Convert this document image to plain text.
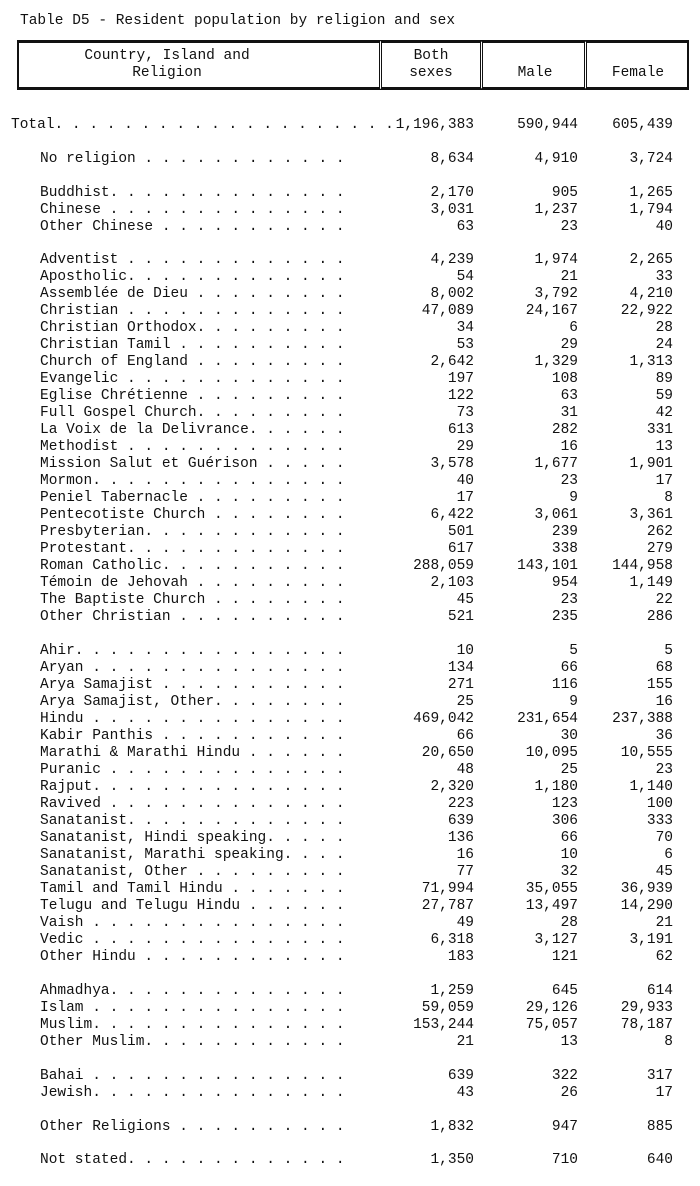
Table D5 - Resident population by religion and sex
Country, Island and
Religion
Both
sexes	Male	Female
Total. . . . . . . . . . . . . . . . . . . . 1,196,383	590,944 605,439
No religion . . . . . . . . . . . .	8,634	4,910	3,724
Buddhist. . . . . . . . . . . . . .	2,170	905	1,265
Chinese . . . . . . . . . . . . . .	3,031	1,237	1,794
Other Chinese . . . . . . . . . . .	63	23	40
Adventist . . . . . . . . . . . . .	4,239	1,974	2,265
Apostholic. . . . . . . . . . . . .	54	21	33
Assemblée de Dieu . . . . . . . . .	8,002	3,792	4,210
Christian . . . . . . . . . . . . .	47,089	24,167	22,922
Christian Orthodox. . . . . . . . .	34	6	28
Christian Tamil . . . . . . . . . .	53	29	24
Church of England . . . . . . . . .	2,642	1,329	1,313
Evangelic . . . . . . . . . . . . .	197	108	89
Eglise Chrétienne . . . . . . . . .	122	63	59
Full Gospel Church. . . . . . . . .	73	31	42
La Voix de la Delivrance. . . . . .	613	282	331
Methodist . . . . . . . . . . . . .	29	16	13
Mission Salut et Guérison . . . . .	3,578	1,677	1,901
Mormon. . . . . . . . . . . . . . .	40	23	17
Peniel Tabernacle . . . . . . . . .	17	9	8
Pentecotiste Church . . . . . . . .	6,422	3,061	3,361
Presbyterian. . . . . . . . . . . .	501	239	262
Protestant. . . . . . . . . . . . .	617	338	279
Roman Catholic. . . . . . . . . . .	288,059	143,101 144,958
Témoin de Jehovah . . . . . . . . .	2,103	954	1,149
The Baptiste Church . . . . . . . .	45	23	22
Other Christian . . . . . . . . . .	521	235	286
Ahir. . . . . . . . . . . . . . . .	10	5	5
Aryan . . . . . . . . . . . . . . .	134	66	68
Arya Samajist . . . . . . . . . . .	271	116	155
Arya Samajist, Other. . . . . . . .	25	9	16
Hindu . . . . . . . . . . . . . . .	469,042	231,654 237,388
Kabir Panthis . . . . . . . . . . .	66	30	36
Marathi & Marathi Hindu . . . . . .	20,650	10,095	10,555
Puranic . . . . . . . . . . . . . .	48	25	23
Rajput. . . . . . . . . . . . . . .	2,320	1,180	1,140
Ravived . . . . . . . . . . . . . .	223	123	100
Sanatanist. . . . . . . . . . . . .	639	306	333
Sanatanist, Hindi speaking. . . . .	136	66	70
Sanatanist, Marathi speaking. . . .	16	10	6
Sanatanist, Other . . . . . . . . .	77	32	45
Tamil and Tamil Hindu . . . . . . .	71,994	35,055	36,939
Telugu and Telugu Hindu . . . . . .	27,787	13,497	14,290
Vaish . . . . . . . . . . . . . . .	49	28	21
Vedic . . . . . . . . . . . . . . .	6,318	3,127	3,191
Other Hindu . . . . . . . . . . . .	183	121	62
Ahmadhya. . . . . . . . . . . . . .	1,259	645	614
Islam . . . . . . . . . . . . . . .	59,059	29,126	29,933
Muslim. . . . . . . . . . . . . . .	153,244	75,057	78,187
Other Muslim. . . . . . . . . . . .	21	13	8
Bahai . . . . . . . . . . . . . . .	639	322	317
Jewish. . . . . . . . . . . . . . .	43	26	17
Other Religions . . . . . . . . . .	1,832	947	885
Not stated. . . . . . . . . . . . .	1,350	710	640
